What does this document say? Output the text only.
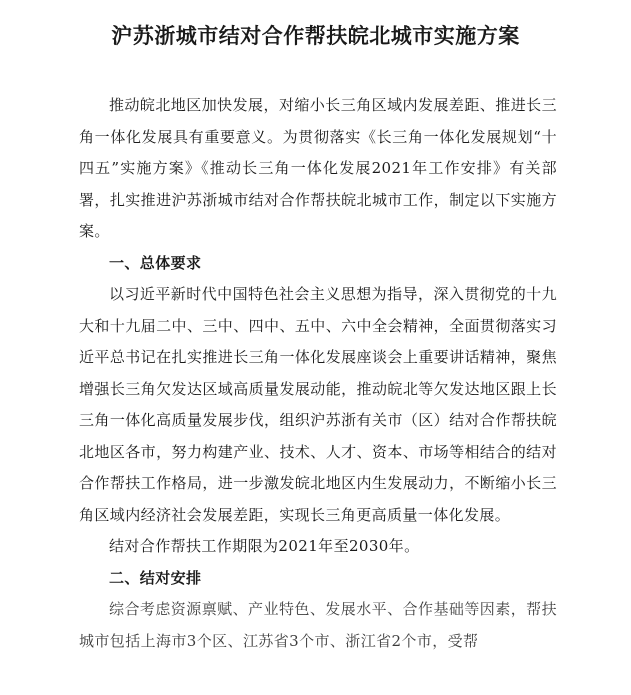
沪苏浙城市结对合作帮扶皖北城市实施方案

推动皖北地区加快发展，对缩小长三角区域内发展差距、推进长三角一体化发展具有重要意义。为贯彻落实《长三角一体化发展规划“十四五”实施方案》《推动长三角一体化发展2021年工作安排》有关部署，扎实推进沪苏浙城市结对合作帮扶皖北城市工作，制定以下实施方案。

一、总体要求

以习近平新时代中国特色社会主义思想为指导，深入贯彻党的十九大和十九届二中、三中、四中、五中、六中全会精神，全面贯彻落实习近平总书记在扎实推进长三角一体化发展座谈会上重要讲话精神，聚焦增强长三角欠发达区域高质量发展动能，推动皖北等欠发达地区跟上长三角一体化高质量发展步伐，组织沪苏浙有关市（区）结对合作帮扶皖北地区各市，努力构建产业、技术、人才、资本、市场等相结合的结对合作帮扶工作格局，进一步激发皖北地区内生发展动力，不断缩小长三角区域内经济社会发展差距，实现长三角更高质量一体化发展。

结对合作帮扶工作期限为2021年至2030年。

二、结对安排

综合考虑资源禀赋、产业特色、发展水平、合作基础等因素，帮扶城市包括上海市3个区、江苏省3个市、浙江省2个市，受帮
